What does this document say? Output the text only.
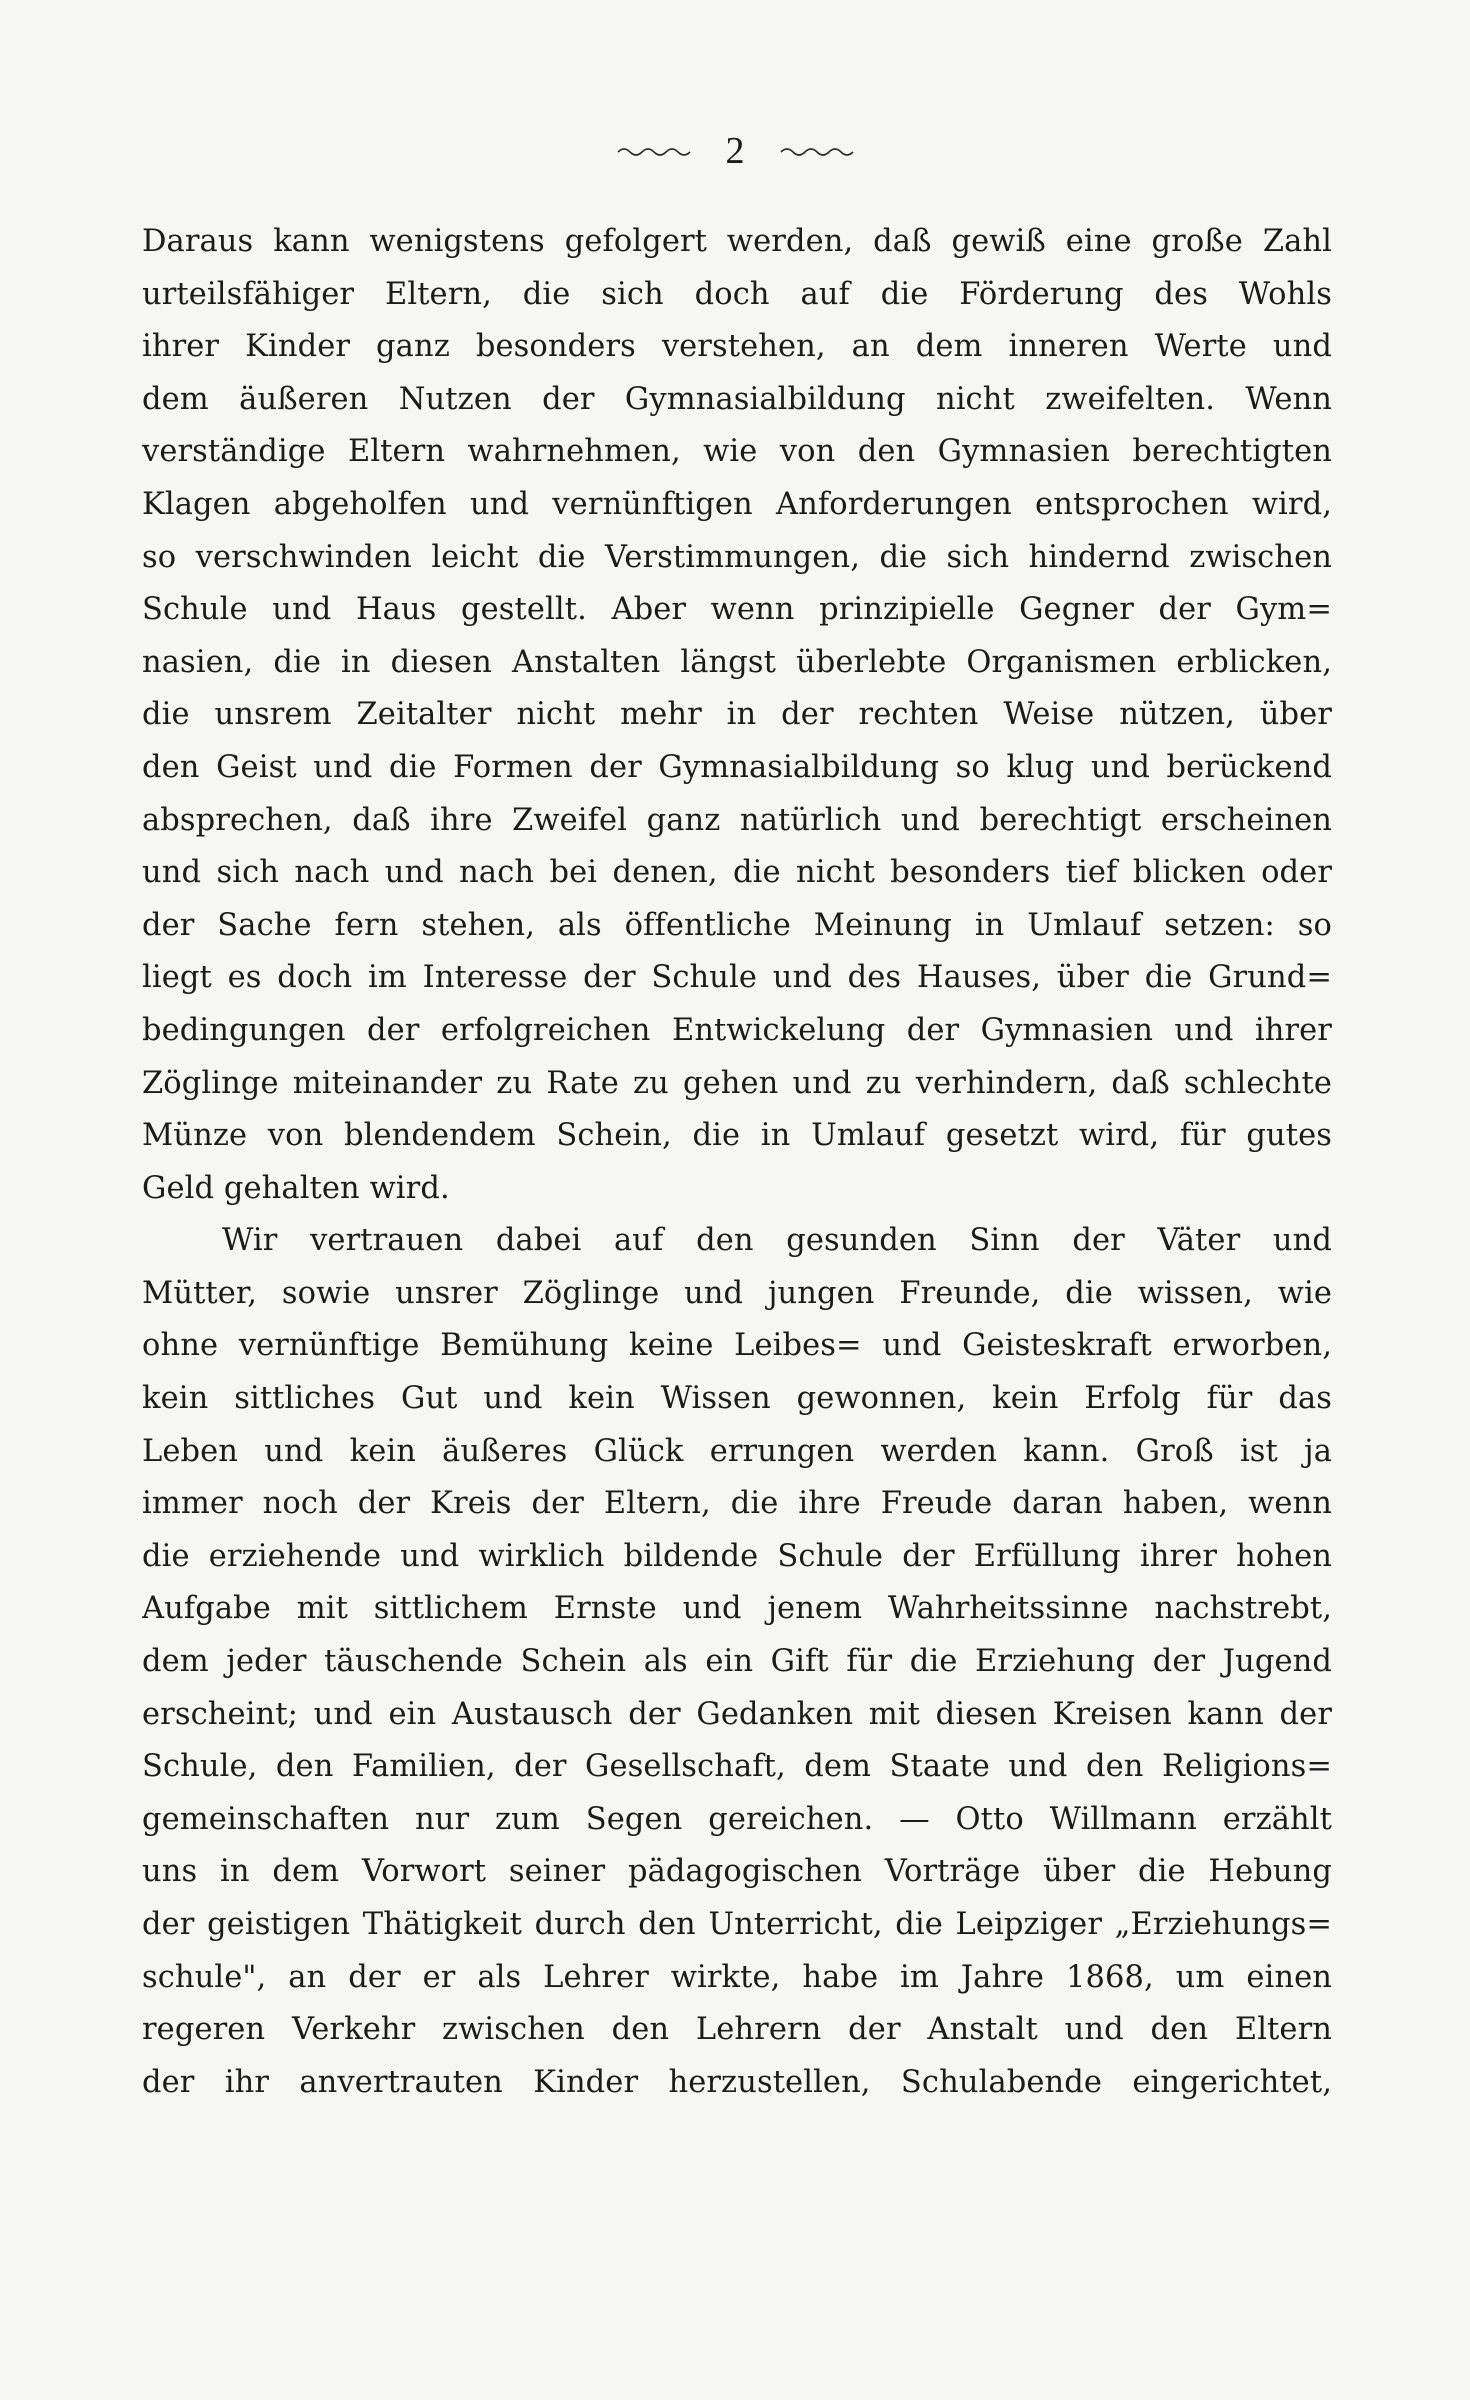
2
Daraus kann wenigstens gefolgert werden, daß gewiß eine große Zahl
urteilsfähiger Eltern, die sich doch auf die Förderung des Wohls
ihrer Kinder ganz besonders verstehen, an dem inneren Werte und
dem äußeren Nutzen der Gymnasialbildung nicht zweifelten. Wenn
verständige Eltern wahrnehmen, wie von den Gymnasien berechtigten
Klagen abgeholfen und vernünftigen Anforderungen entsprochen wird,
so verschwinden leicht die Verstimmungen, die sich hindernd zwischen
Schule und Haus gestellt. Aber wenn prinzipielle Gegner der Gym=
nasien, die in diesen Anstalten längst überlebte Organismen erblicken,
die unsrem Zeitalter nicht mehr in der rechten Weise nützen, über
den Geist und die Formen der Gymnasialbildung so klug und berückend
absprechen, daß ihre Zweifel ganz natürlich und berechtigt erscheinen
und sich nach und nach bei denen, die nicht besonders tief blicken oder
der Sache fern stehen, als öffentliche Meinung in Umlauf setzen: so
liegt es doch im Interesse der Schule und des Hauses, über die Grund=
bedingungen der erfolgreichen Entwickelung der Gymnasien und ihrer
Zöglinge miteinander zu Rate zu gehen und zu verhindern, daß schlechte
Münze von blendendem Schein, die in Umlauf gesetzt wird, für gutes
Geld gehalten wird.
Wir vertrauen dabei auf den gesunden Sinn der Väter und
Mütter, sowie unsrer Zöglinge und jungen Freunde, die wissen, wie
ohne vernünftige Bemühung keine Leibes= und Geisteskraft erworben,
kein sittliches Gut und kein Wissen gewonnen, kein Erfolg für das
Leben und kein äußeres Glück errungen werden kann. Groß ist ja
immer noch der Kreis der Eltern, die ihre Freude daran haben, wenn
die erziehende und wirklich bildende Schule der Erfüllung ihrer hohen
Aufgabe mit sittlichem Ernste und jenem Wahrheitssinne nachstrebt,
dem jeder täuschende Schein als ein Gift für die Erziehung der Jugend
erscheint; und ein Austausch der Gedanken mit diesen Kreisen kann der
Schule, den Familien, der Gesellschaft, dem Staate und den Religions=
gemeinschaften nur zum Segen gereichen. — Otto Willmann erzählt
uns in dem Vorwort seiner pädagogischen Vorträge über die Hebung
der geistigen Thätigkeit durch den Unterricht, die Leipziger „Erziehungs=
schule", an der er als Lehrer wirkte, habe im Jahre 1868, um einen
regeren Verkehr zwischen den Lehrern der Anstalt und den Eltern
der ihr anvertrauten Kinder herzustellen, Schulabende eingerichtet,
